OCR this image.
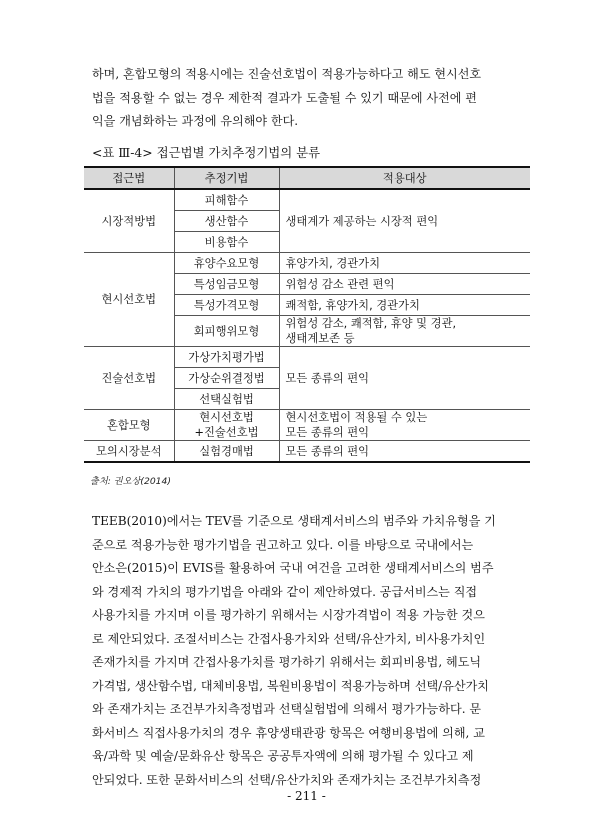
하며, 혼합모형의 적용시에는 진술선호법이 적용가능하다고 해도 현시선호
법을 적용할 수 없는 경우 제한적 결과가 도출될 수 있기 때문에 사전에 편
익을 개념화하는 과정에 유의해야 한다.
<표 Ⅲ-4> 접근법별 가치추정기법의 분류
접근법	추정기법	적용대상
시장적방법	피해함수	생태계가 제공하는 시장적 편익
	생산함수	
	비용함수	
현시선호법	휴양수요모형	휴양가치, 경관가치
	특성임금모형	위험성 감소 관련 편익
	특성가격모형	쾌적함, 휴양가치, 경관가치
	회피행위모형	위험성 감소, 쾌적함, 휴양 및 경관,
생태계보존 등
진술선호법	가상가치평가법	모든 종류의 편익
	가상순위결정법	
	선택실험법	
혼합모형	현시선호법
+진술선호법	현시선호법이 적용될 수 있는
모든 종류의 편익
모의시장분석	실험경매법	모든 종류의 편익
출처: 권오상(2014)
TEEB(2010)에서는 TEV를 기준으로 생태계서비스의 범주와 가치유형을 기
준으로 적용가능한 평가기법을 권고하고 있다. 이를 바탕으로 국내에서는
안소은(2015)이 EVIS를 활용하여 국내 여건을 고려한 생태계서비스의 범주
와 경제적 가치의 평가기법을 아래와 같이 제안하였다. 공급서비스는 직접
사용가치를 가지며 이를 평가하기 위해서는 시장가격법이 적용 가능한 것으
로 제안되었다. 조절서비스는 간접사용가치와 선택/유산가치, 비사용가치인
존재가치를 가지며 간접사용가치를 평가하기 위해서는 회피비용법, 헤도닉
가격법, 생산함수법, 대체비용법, 복원비용법이 적용가능하며 선택/유산가치
와 존재가치는 조건부가치측정법과 선택실험법에 의해서 평가가능하다. 문
화서비스 직접사용가치의 경우 휴양생태관광 항목은 여행비용법에 의해, 교
육/과학 및 예술/문화유산 항목은 공공투자액에 의해 평가될 수 있다고 제
안되었다. 또한 문화서비스의 선택/유산가치와 존재가치는 조건부가치측정
- 211 -
